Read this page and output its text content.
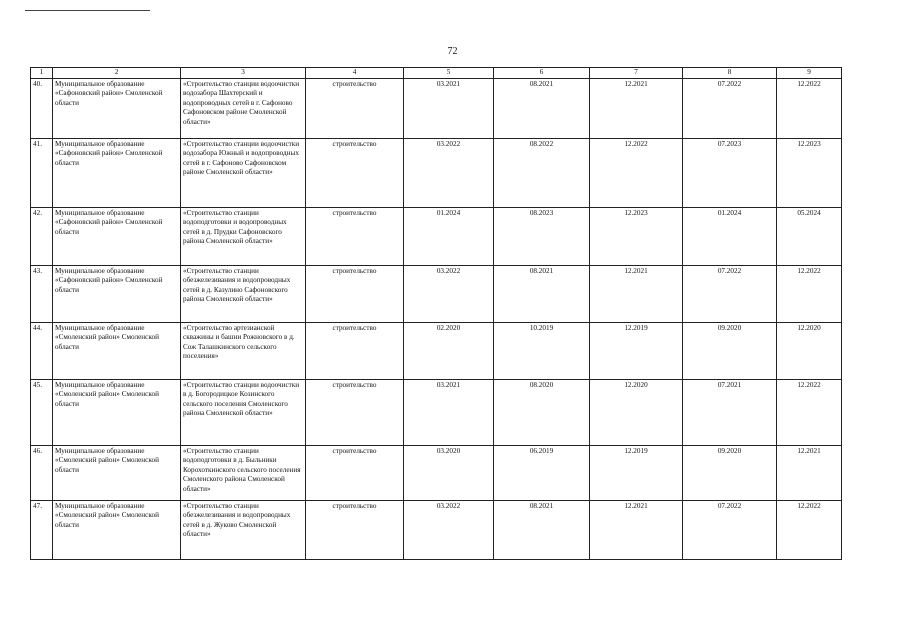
72
1	2	3	4	5	6	7	8	9
40.	Муниципальное образование «Сафоновский район» Смоленской области	«Строительство станции водоочистки водозабора Шахтерский и водопроводных сетей в г. Сафоново Сафоновском районе Смоленской области»	строительство	03.2021	08.2021	12.2021	07.2022	12.2022
41.	Муниципальное образование «Сафоновский район» Смоленской области	«Строительство станции водоочистки водозабора Южный и водопроводных сетей в г. Сафоново Сафоновском районе Смоленской области»	строительство	03.2022	08.2022	12.2022	07.2023	12.2023
42.	Муниципальное образование «Сафоновский район» Смоленской области	«Строительство станции водоподготовки и водопроводных сетей в д. Прудки Сафоновского района Смоленской области»	строительство	01.2024	08.2023	12.2023	01.2024	05.2024
43.	Муниципальное образование «Сафоновский район» Смоленской области	«Строительство станции обезжелезивания и водопроводных сетей в д. Казулино Сафоновского района Смоленской области»	строительство	03.2022	08.2021	12.2021	07.2022	12.2022
44.	Муниципальное образование «Смоленский район» Смоленской области	«Строительство артезианской скважины и башни Рожновского в д. Сож Талашкинского сельского поселения»	строительство	02.2020	10.2019	12.2019	09.2020	12.2020
45.	Муниципальное образование «Смоленский район» Смоленской области	«Строительство станции водоочистки в д. Богородицкое Козинского сельского поселения Смоленского района Смоленской области»	строительство	03.2021	08.2020	12.2020	07.2021	12.2022
46.	Муниципальное образование «Смоленский район» Смоленской области	«Строительство станции водоподготовки в д. Быльники Корохоткинского сельского поселения Смоленского района Смоленской области»	строительство	03.2020	06.2019	12.2019	09.2020	12.2021
47.	Муниципальное образование «Смоленский район» Смоленской области	«Строительство станции обезжелезивания и водопроводных сетей в д. Жуково Смоленской области»	строительство	03.2022	08.2021	12.2021	07.2022	12.2022
